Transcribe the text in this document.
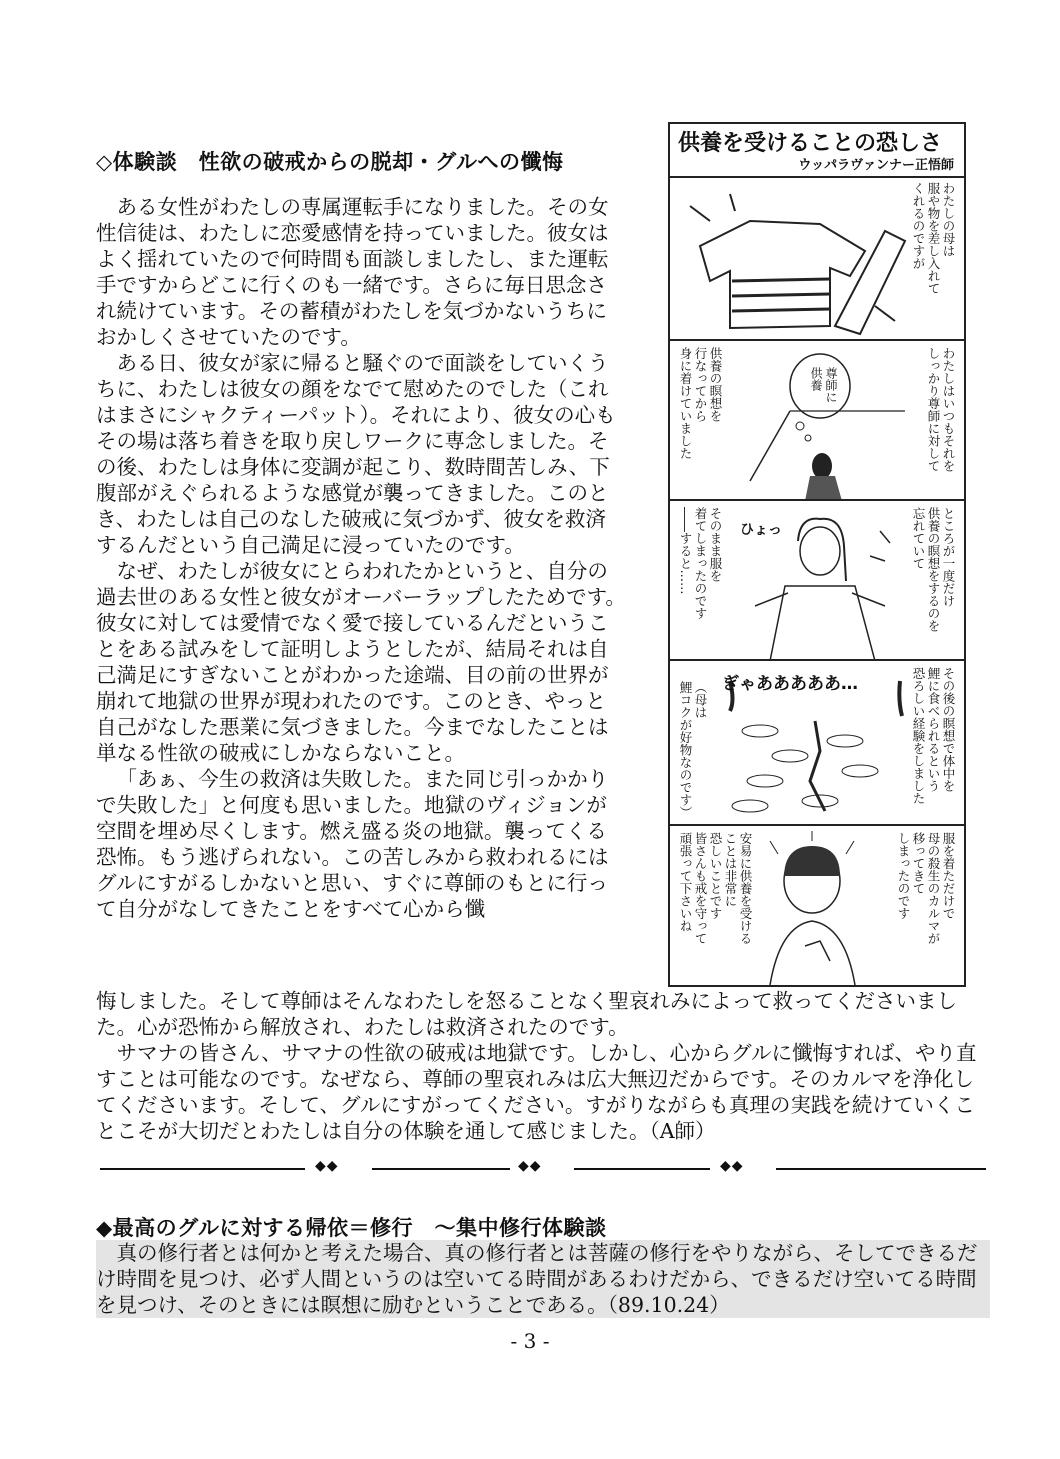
◇体験談　性欲の破戒からの脱却・グルへの懺悔

ある女性がわたしの専属運転手になりました。その女性信徒は、わたしに恋愛感情を持っていました。彼女はよく揺れていたので何時間も面談しましたし、また運転手ですからどこに行くのも一緒です。さらに毎日思念され続けています。その蓄積がわたしを気づかないうちにおかしくさせていたのです。

ある日、彼女が家に帰ると騒ぐので面談をしていくうちに、わたしは彼女の顔をなでて慰めたのでした（これはまさにシャクティーパット）。それにより、彼女の心もその場は落ち着きを取り戻しワークに専念しました。その後、わたしは身体に変調が起こり、数時間苦しみ、下腹部がえぐられるような感覚が襲ってきました。このとき、わたしは自己のなした破戒に気づかず、彼女を救済するんだという自己満足に浸っていたのです。

なぜ、わたしが彼女にとらわれたかというと、自分の過去世のある女性と彼女がオーバーラップしたためです。彼女に対しては愛情でなく愛で接しているんだということをある試みをして証明しようとしたが、結局それは自己満足にすぎないことがわかった途端、目の前の世界が崩れて地獄の世界が現われたのです。このとき、やっと自己がなした悪業に気づきました。今までなしたことは単なる性欲の破戒にしかならないこと。

「あぁ、今生の救済は失敗した。また同じ引っかかりで失敗した」と何度も思いました。地獄のヴィジョンが空間を埋め尽くします。燃え盛る炎の地獄。襲ってくる恐怖。もう逃げられない。この苦しみから救われるにはグルにすがるしかないと思い、すぐに尊師のもとに行って自分がなしてきたことをすべて心から懺

供養を受けることの恐しさ
ウッパラヴァンナー正悟師
わたしの母は
服や物を差し入れて
くれるのですが
尊師に
供養	わたしはいつもそれを
しっかり尊師に対して
供養の瞑想を
行なってから
身に着けていました
ひょっ	ところが一度だけ
供養の瞑想をするのを
忘れていて
そのまま服を
着てしまったのです
――すると……
ぎゃあああああ…	その後の瞑想で体中を
鯉に食べられるという
恐ろしい経験をしました
（母は
鯉コクが好物なのです）
服を着ただけで
母の殺生のカルマが
移ってきて
しまったのです
安易に供養を受ける
ことは非常に
恐しいことです
皆さんも戒を守って
頑張って下さいね

悔しました。そして尊師はそんなわたしを怒ることなく聖哀れみによって救ってくださいました。心が恐怖から解放され、わたしは救済されたのです。

サマナの皆さん、サマナの性欲の破戒は地獄です。しかし、心からグルに懺悔すれば、やり直すことは可能なのです。なぜなら、尊師の聖哀れみは広大無辺だからです。そのカルマを浄化してくださいます。そして、グルにすがってください。すがりながらも真理の実践を続けていくことこそが大切だとわたしは自分の体験を通して感じました。（A師）

◆◆	◆◆	◆◆
◆最高のグルに対する帰依＝修行　～集中修行体験談

真の修行者とは何かと考えた場合、真の修行者とは菩薩の修行をやりながら、そしてできるだけ時間を見つけ、必ず人間というのは空いてる時間があるわけだから、できるだけ空いてる時間を見つけ、そのときには瞑想に励むということである。（89.10.24）

- 3 -
